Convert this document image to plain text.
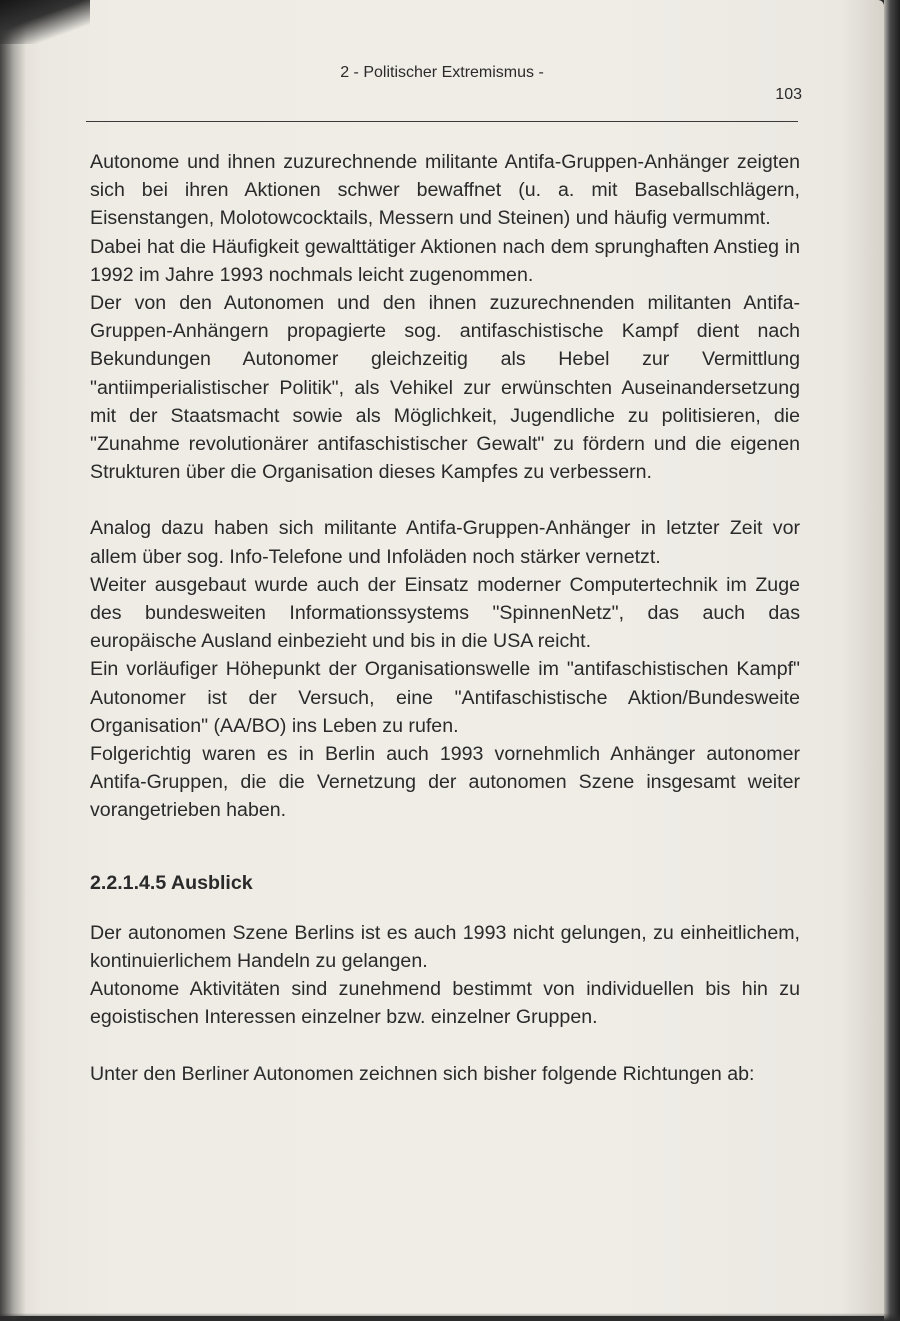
2 - Politischer Extremismus -

103

Autonome und ihnen zuzurechnende militante Antifa-Gruppen-Anhänger zeigten sich bei ihren Aktionen schwer bewaffnet (u. a. mit Baseballschlägern, Eisenstangen, Molotowcocktails, Messern und Steinen) und häufig vermummt.

Dabei hat die Häufigkeit gewalttätiger Aktionen nach dem sprunghaften Anstieg in 1992 im Jahre 1993 nochmals leicht zugenommen.

Der von den Autonomen und den ihnen zuzurechnenden militanten Antifa-Gruppen-Anhängern propagierte sog. antifaschistische Kampf dient nach Bekundungen Autonomer gleichzeitig als Hebel zur Vermittlung "antiimperialistischer Politik", als Vehikel zur erwünschten Auseinandersetzung mit der Staatsmacht sowie als Möglichkeit, Jugendliche zu politisieren, die "Zunahme revolutionärer antifaschistischer Gewalt" zu fördern und die eigenen Strukturen über die Organisation dieses Kampfes zu verbessern.

Analog dazu haben sich militante Antifa-Gruppen-Anhänger in letzter Zeit vor allem über sog. Info-Telefone und Infoläden noch stärker vernetzt.

Weiter ausgebaut wurde auch der Einsatz moderner Computertechnik im Zuge des bundesweiten Informationssystems "SpinnenNetz", das auch das europäische Ausland einbezieht und bis in die USA reicht.

Ein vorläufiger Höhepunkt der Organisationswelle im "antifaschistischen Kampf" Autonomer ist der Versuch, eine "Antifaschistische Aktion/Bundesweite Organisation" (AA/BO) ins Leben zu rufen.

Folgerichtig waren es in Berlin auch 1993 vornehmlich Anhänger autonomer Antifa-Gruppen, die die Vernetzung der autonomen Szene insgesamt weiter vorangetrieben haben.

2.2.1.4.5 Ausblick

Der autonomen Szene Berlins ist es auch 1993 nicht gelungen, zu einheitlichem, kontinuierlichem Handeln zu gelangen.

Autonome Aktivitäten sind zunehmend bestimmt von individuellen bis hin zu egoistischen Interessen einzelner bzw. einzelner Gruppen.

Unter den Berliner Autonomen zeichnen sich bisher folgende Richtungen ab:
